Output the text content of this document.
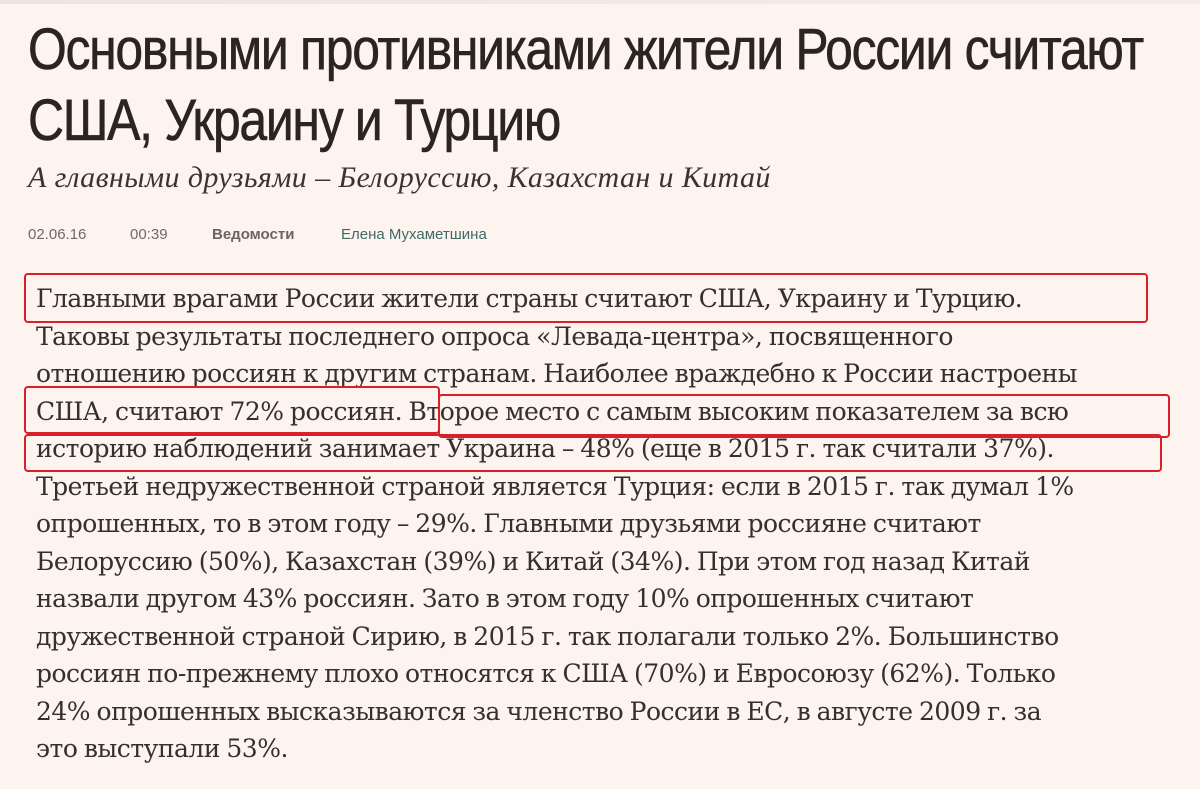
Основными противниками жители России считают США, Украину и Турцию

А главными друзьями – Белоруссию, Казахстан и Китай

02.06.16	00:39	Ведомости	Елена Мухаметшина
Главными врагами России жители страны считают США, Украину и Турцию.
Таковы результаты последнего опроса «Левада-центра», посвященного
отношению россиян к другим странам. Наиболее враждебно к России настроены
США, считают 72% россиян. Второе место с самым высоким показателем за всю
историю наблюдений занимает Украина – 48% (еще в 2015 г. так считали 37%).
Третьей недружественной страной является Турция: если в 2015 г. так думал 1%
опрошенных, то в этом году – 29%. Главными друзьями россияне считают
Белоруссию (50%), Казахстан (39%) и Китай (34%). При этом год назад Китай
назвали другом 43% россиян. Зато в этом году 10% опрошенных считают
дружественной страной Сирию, в 2015 г. так полагали только 2%. Большинство
россиян по-прежнему плохо относятся к США (70%) и Евросоюзу (62%). Только
24% опрошенных высказываются за членство России в ЕС, в августе 2009 г. за
это выступали 53%.
